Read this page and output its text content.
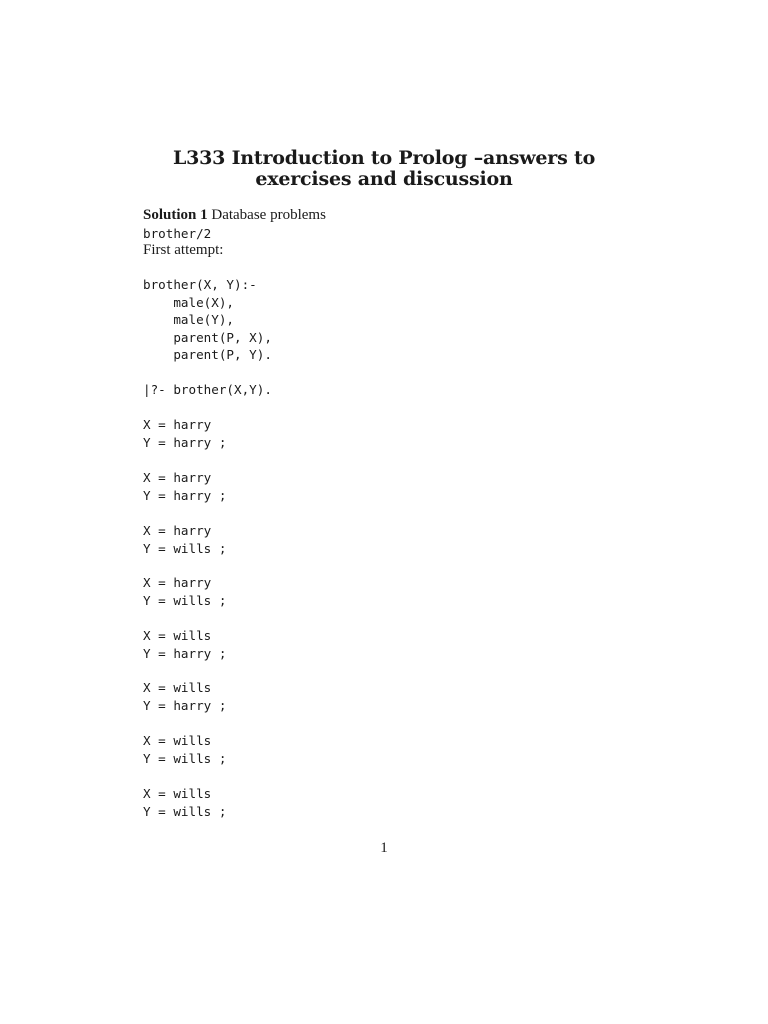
L333 Introduction to Prolog –answers to
exercises and discussion
Solution 1 Database problems
brother/2
First attempt:
brother(X, Y):-
male(X),
male(Y),
parent(P, X),
parent(P, Y).
|?- brother(X,Y).
X = harry
Y = harry ;
X = harry
Y = harry ;
X = harry
Y = wills ;
X = harry
Y = wills ;
X = wills
Y = harry ;
X = wills
Y = harry ;
X = wills
Y = wills ;
X = wills
Y = wills ;
1
